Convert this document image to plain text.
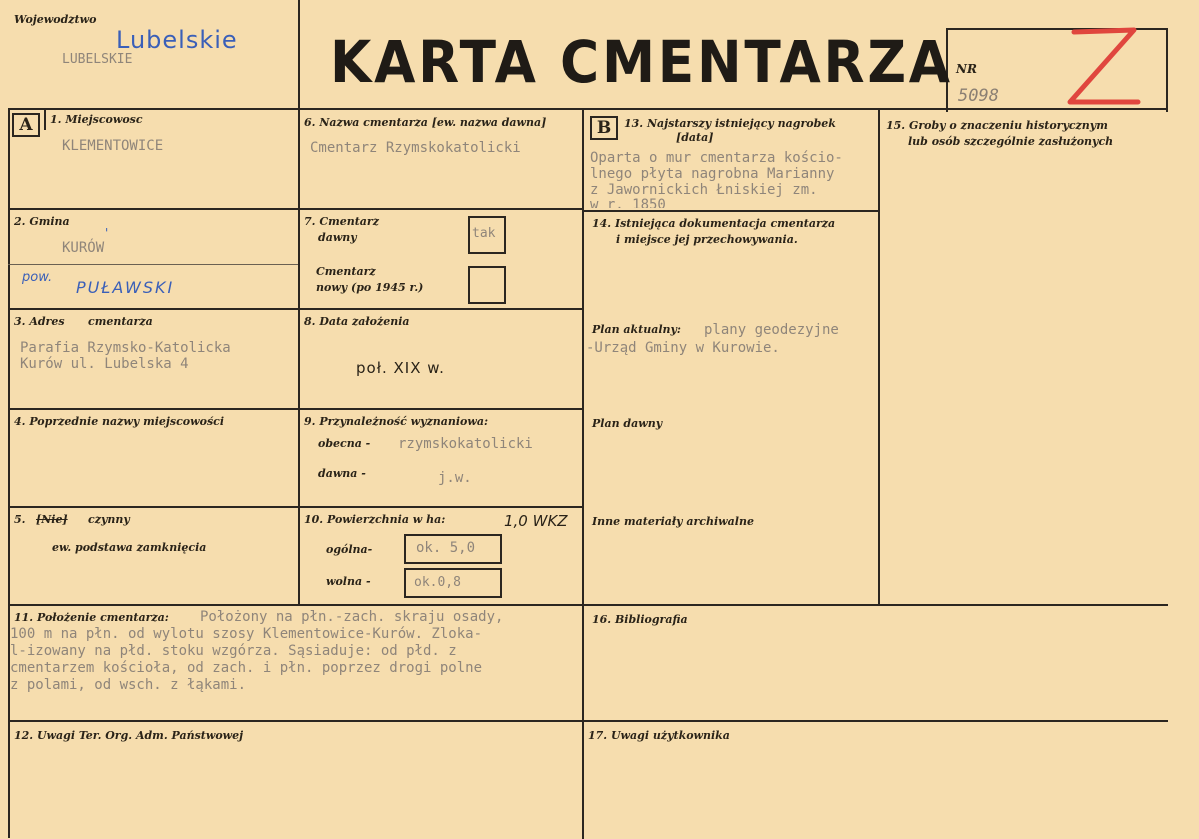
Wojewodztwo
Lubelskie
LUBELSKIE	KARTA CMENTARZA NR
5098
A	1. Miejscowosc
KLEMENTOWICE
2. Gmina
KURÓW
'
pow.
PUŁAWSKI
3. Adres cmentarza
Parafia Rzymsko-Katolicka
Kurów ul. Lubelska 4
4. Poprzednie nazwy miejscowości
5. [Nie] czynny
ew. podstawa zamknięcia
6. Nazwa cmentarza [ew. nazwa dawna]
Cmentarz Rzymskokatolicki
7. Cmentarz
dawny	tak
Cmentarz
nowy (po 1945 r.)
8. Data założenia
poł. XIX w.
9. Przynależność wyznaniowa:
obecna - rzymskokatolicki
dawna -	j.w.
10. Powierzchnia w ha:	1,0 WKZ
ogólna-	ok. 5,0
wolna -	ok.0,8
B	13. Najstarszy istniejący nagrobek
[data]
Oparta o mur cmentarza kościo-
lnego płyta nagrobna Marianny
z Jawornickich Łniskiej zm.
w r. 1850
14. Istniejąca dokumentacja cmentarza
i miejsce jej przechowywania.
Plan aktualny: plany geodezyjne
-Urząd Gminy w Kurowie.
Plan dawny
Inne materiały archiwalne
15. Groby o znaczeniu historycznym
lub osób szczególnie zasłużonych
11. Położenie cmentarza: Położony na płn.-zach. skraju osady,
100 m na płn. od wylotu szosy Klementowice-Kurów. Zloka-
l-izowany na płd. stoku wzgórza. Sąsiaduje: od płd. z
cmentarzem kościoła, od zach. i płn. poprzez drogi polne
z polami, od wsch. z łąkami.
16. Bibliografia
12. Uwagi Ter. Org. Adm. Państwowej	17. Uwagi użytkownika
